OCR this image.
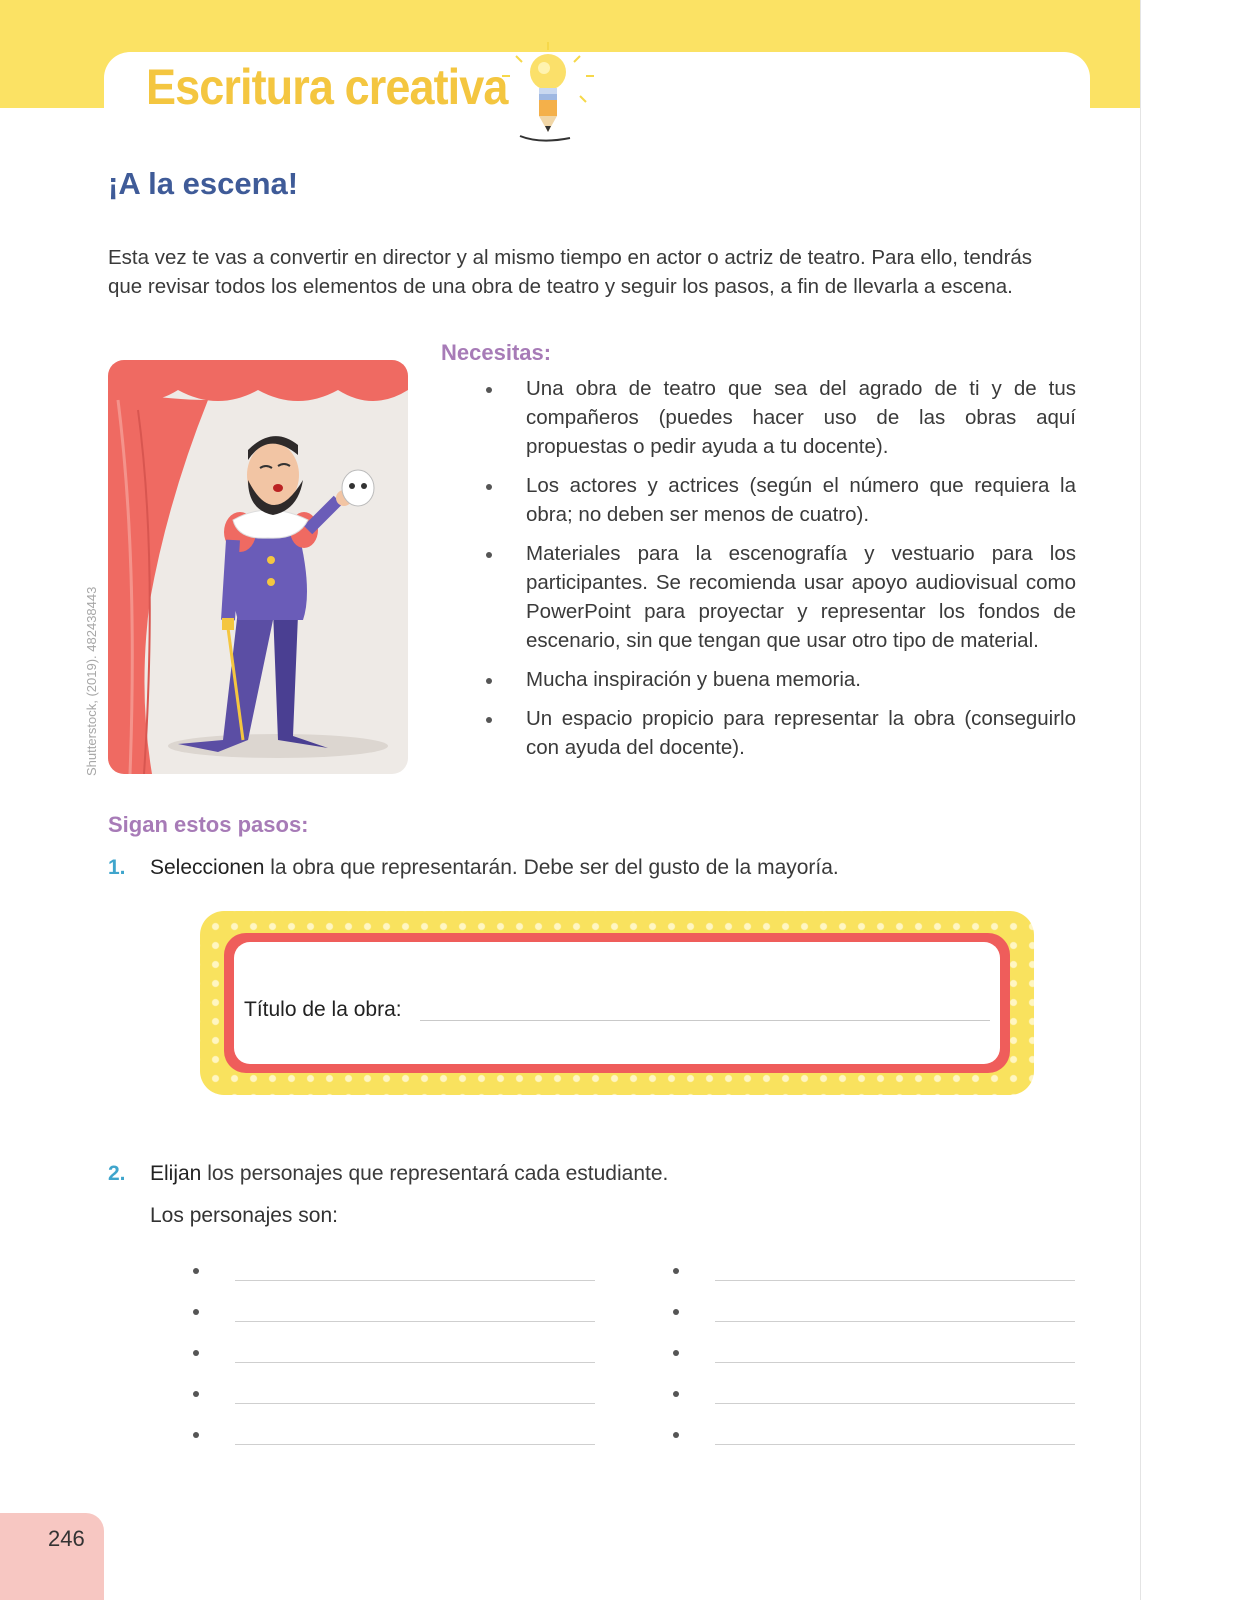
Escritura creativa
¡A la escena!

Esta vez te vas a convertir en director y al mismo tiempo en actor o actriz de teatro. Para ello, tendrás que revisar todos los elementos de una obra de teatro y seguir los pasos, a fin de llevarla a escena.

Shutterstock, (2019). 482438443
Necesitas:
Una obra de teatro que sea del agrado de ti y de tus compañeros (puedes hacer uso de las obras aquí propuestas o pedir ayuda a tu docente).
Los actores y actrices (según el número que requiera la obra; no deben ser menos de cuatro).
Materiales para la escenografía y vestuario para los participantes. Se recomienda usar apoyo audiovisual como PowerPoint para proyectar y representar los fondos de escenario, sin que tengan que usar otro tipo de material.
Mucha inspiración y buena memoria.
Un espacio propicio para representar la obra (conseguirlo con ayuda del docente).
Sigan estos pasos:

1. Seleccionen la obra que representarán. Debe ser del gusto de la mayoría.

Título de la obra:

2. Elijan los personajes que representará cada estudiante.

Los personajes son:

246
